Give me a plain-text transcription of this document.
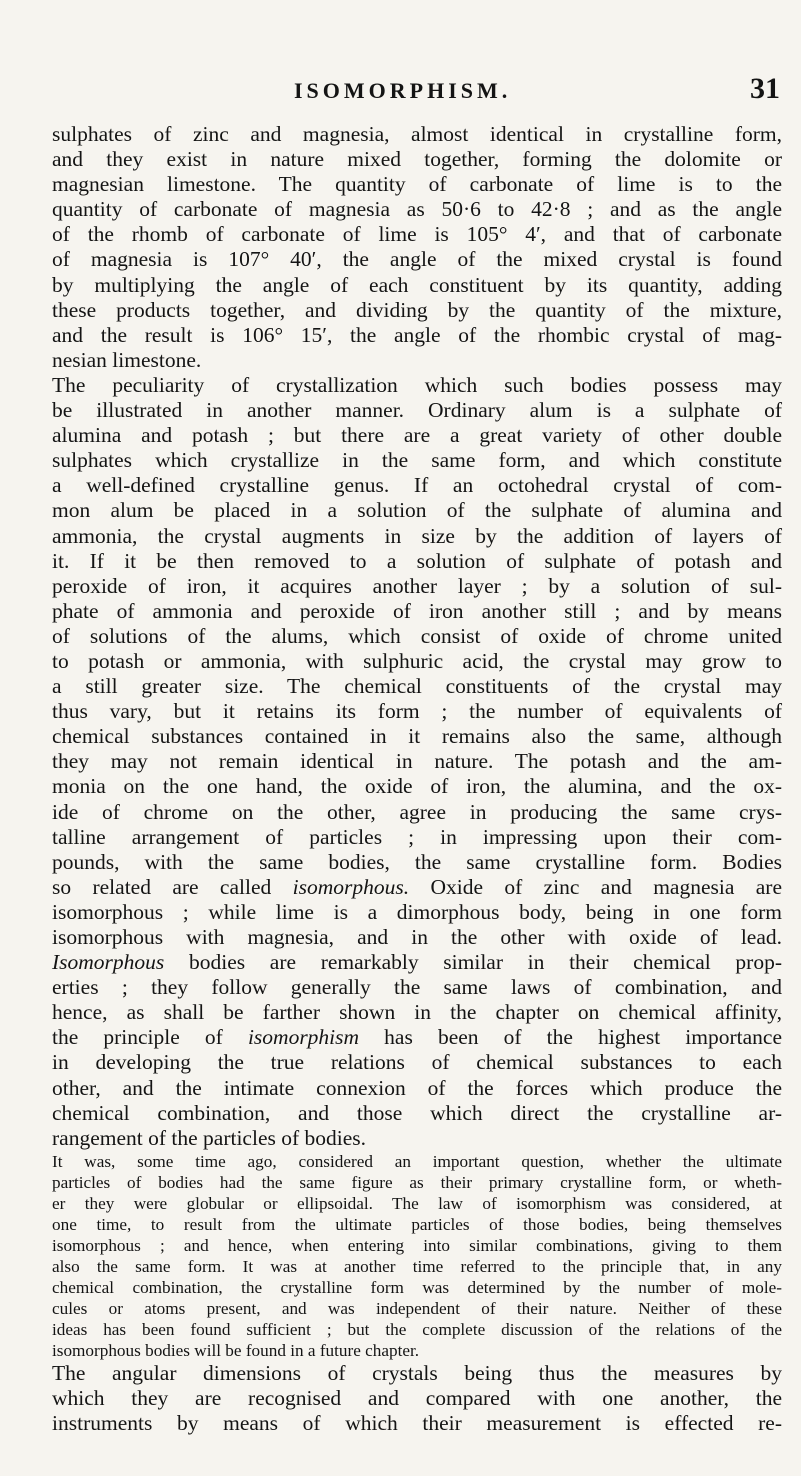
ISOMORPHISM.	31
sulphates of zinc and magnesia, almost identical in crystalline form,
and they exist in nature mixed together, forming the dolomite or
magnesian limestone. The quantity of carbonate of lime is to the
quantity of carbonate of magnesia as 50·6 to 42·8 ; and as the angle
of the rhomb of carbonate of lime is 105° 4′, and that of carbonate
of magnesia is 107° 40′, the angle of the mixed crystal is found
by multiplying the angle of each constituent by its quantity, adding
these products together, and dividing by the quantity of the mixture,
and the result is 106° 15′, the angle of the rhombic crystal of mag-
nesian limestone.
The peculiarity of crystallization which such bodies possess may
be illustrated in another manner. Ordinary alum is a sulphate of
alumina and potash ; but there are a great variety of other double
sulphates which crystallize in the same form, and which constitute
a well-defined crystalline genus. If an octohedral crystal of com-
mon alum be placed in a solution of the sulphate of alumina and
ammonia, the crystal augments in size by the addition of layers of
it. If it be then removed to a solution of sulphate of potash and
peroxide of iron, it acquires another layer ; by a solution of sul-
phate of ammonia and peroxide of iron another still ; and by means
of solutions of the alums, which consist of oxide of chrome united
to potash or ammonia, with sulphuric acid, the crystal may grow to
a still greater size. The chemical constituents of the crystal may
thus vary, but it retains its form ; the number of equivalents of
chemical substances contained in it remains also the same, although
they may not remain identical in nature. The potash and the am-
monia on the one hand, the oxide of iron, the alumina, and the ox-
ide of chrome on the other, agree in producing the same crys-
talline arrangement of particles ; in impressing upon their com-
pounds, with the same bodies, the same crystalline form. Bodies
so related are called isomorphous. Oxide of zinc and magnesia are
isomorphous ; while lime is a dimorphous body, being in one form
isomorphous with magnesia, and in the other with oxide of lead.
Isomorphous bodies are remarkably similar in their chemical prop-
erties ; they follow generally the same laws of combination, and
hence, as shall be farther shown in the chapter on chemical affinity,
the principle of isomorphism has been of the highest importance
in developing the true relations of chemical substances to each
other, and the intimate connexion of the forces which produce the
chemical combination, and those which direct the crystalline ar-
rangement of the particles of bodies.
It was, some time ago, considered an important question, whether the ultimate
particles of bodies had the same figure as their primary crystalline form, or wheth-
er they were globular or ellipsoidal. The law of isomorphism was considered, at
one time, to result from the ultimate particles of those bodies, being themselves
isomorphous ; and hence, when entering into similar combinations, giving to them
also the same form. It was at another time referred to the principle that, in any
chemical combination, the crystalline form was determined by the number of mole-
cules or atoms present, and was independent of their nature. Neither of these
ideas has been found sufficient ; but the complete discussion of the relations of the
isomorphous bodies will be found in a future chapter.
The angular dimensions of crystals being thus the measures by
which they are recognised and compared with one another, the
instruments by means of which their measurement is effected re-
